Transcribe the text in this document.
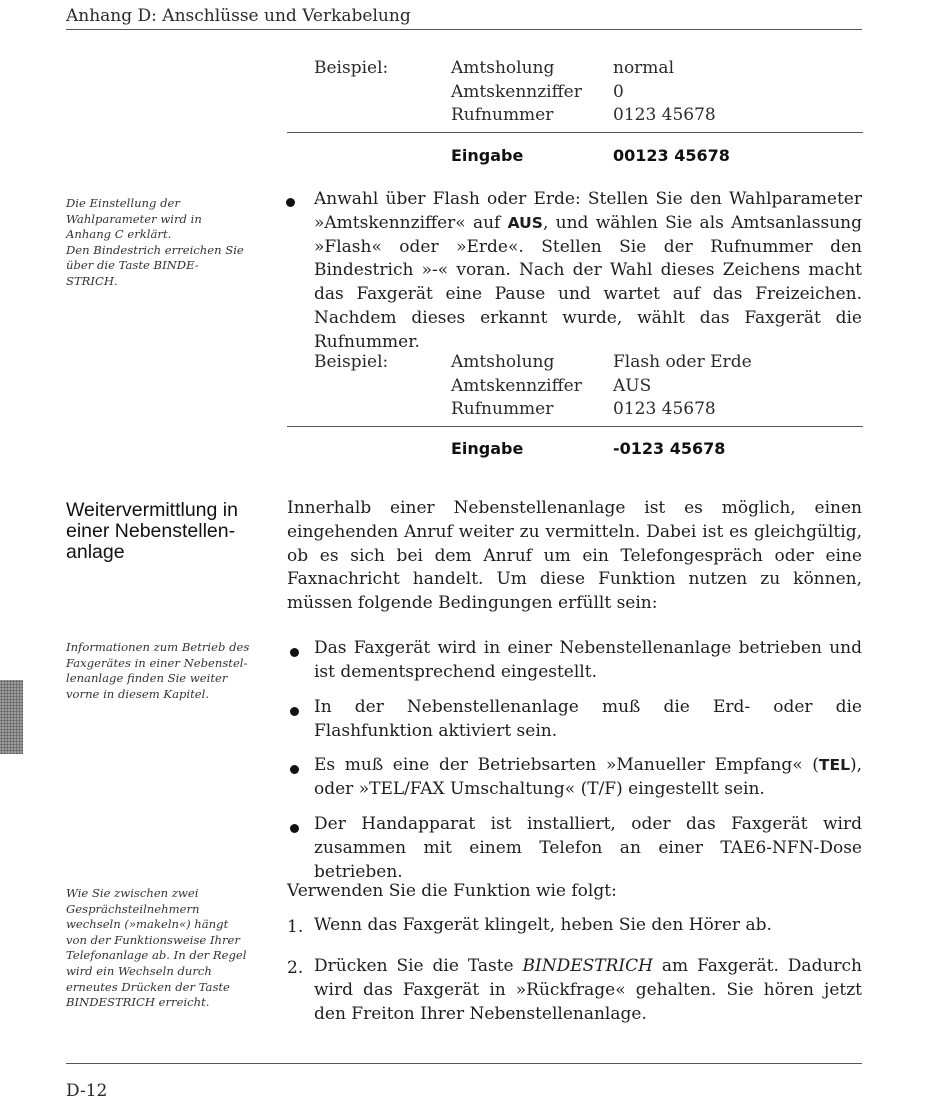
Anhang D: Anschlüsse und Verkabelung
Beispiel:	Amtsholung	normal
Amtskennziffer 0
Rufnummer	0123 45678
Eingabe	00123 45678

Die Einstellung der

Wahlparameter wird in

Anhang C erklärt.

Den Bindestrich erreichen Sie

über die Taste BINDE-

STRICH.

Anwahl über Flash oder Erde: Stellen Sie den Wahlparameter »Amtskennziffer« auf AUS, und wählen Sie als Amtsanlassung »Flash« oder »Erde«. Stellen Sie der Rufnummer den Bindestrich »-« voran. Nach der Wahl dieses Zeichens macht das Faxgerät eine Pause und wartet auf das Freizeichen. Nachdem dieses erkannt wurde, wählt das Faxgerät die Rufnummer.
Beispiel:	Amtsholung	Flash oder Erde
Amtskennziffer AUS
Rufnummer	0123 45678
Eingabe	-0123 45678
Weitervermittlung in
einer Nebenstellen-
anlage
Innerhalb einer Nebenstellenanlage ist es möglich, einen eingehenden Anruf weiter zu vermitteln. Dabei ist es gleichgültig, ob es sich bei dem Anruf um ein Telefongespräch oder eine Faxnachricht handelt. Um diese Funktion nutzen zu können, müssen folgende Bedingungen erfüllt sein:

Informationen zum Betrieb des

Faxgerätes in einer Nebenstel-

lenanlage finden Sie weiter

vorne in diesem Kapitel.

Das Faxgerät wird in einer Nebenstellenanlage betrieben und ist dementsprechend eingestellt.
In der Nebenstellenanlage muß die Erd- oder die Flashfunktion aktiviert sein.
Es muß eine der Betriebsarten »Manueller Empfang« (TEL), oder »TEL/FAX Umschaltung« (T/F) eingestellt sein.
Der Handapparat ist installiert, oder das Faxgerät wird zusammen mit einem Telefon an einer TAE6-NFN-Dose betrieben.

Wie Sie zwischen zwei

Gesprächsteilnehmern

wechseln (»makeln«) hängt

von der Funktionsweise Ihrer

Telefonanlage ab. In der Regel

wird ein Wechseln durch

erneutes Drücken der Taste

BINDESTRICH erreicht.

Verwenden Sie die Funktion wie folgt:
1. Wenn das Faxgerät klingelt, heben Sie den Hörer ab.
2. Drücken Sie die Taste BINDESTRICH am Faxgerät. Dadurch wird das Faxgerät in »Rückfrage« gehalten. Sie hören jetzt den Freiton Ihrer Nebenstellenanlage.
D-12
